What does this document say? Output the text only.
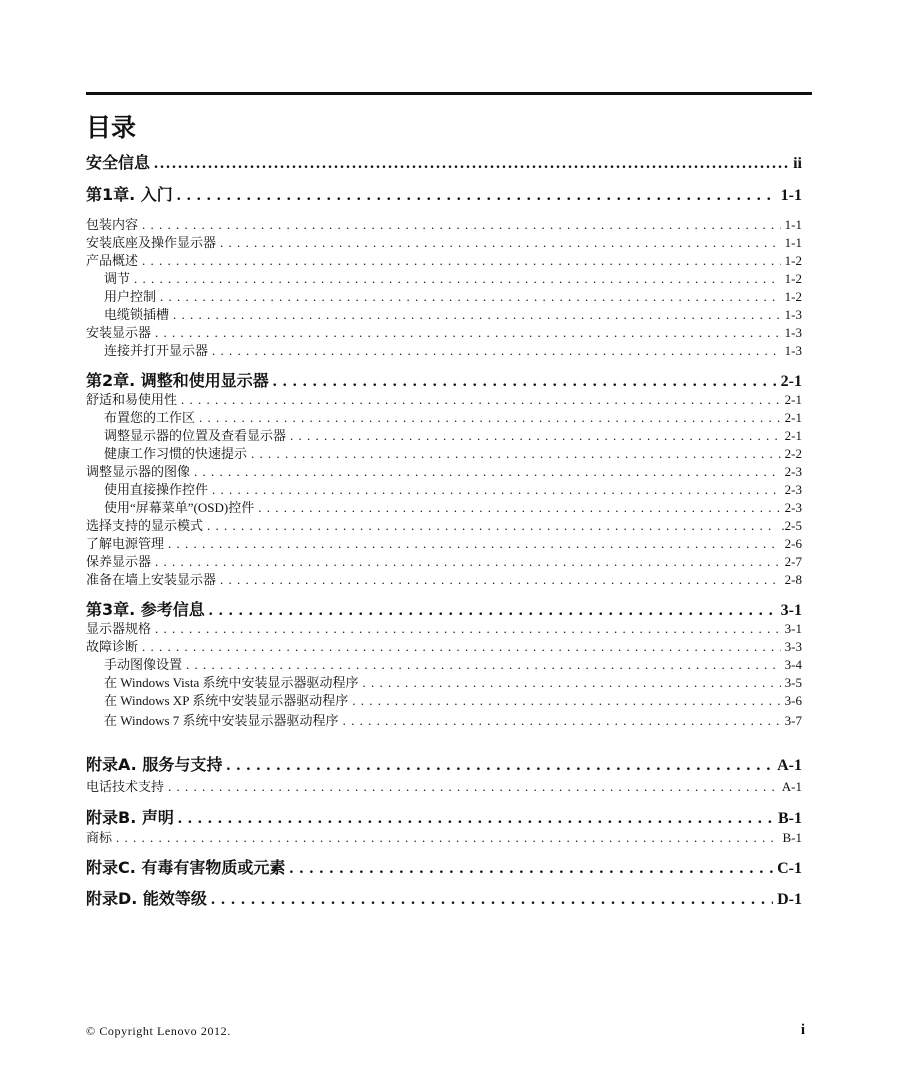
目录
安全信息 . . .	ii
第1章. 入门 . . .	1-1
包装内容 . . .	1-1
安装底座及操作显示器 . . .	1-1
产品概述 . . .	1-2
调节 . . .	1-2
用户控制 . . .	1-2
电缆锁插槽 . . .	1-3
安装显示器 . . .	1-3
连接并打开显示器 . . .	1-3
第2章. 调整和使用显示器 . . .	2-1
舒适和易使用性 . . .	2-1
布置您的工作区 . . .	2-1
调整显示器的位置及查看显示器 . . .	2-1
健康工作习惯的快速提示 . . .	2-2
调整显示器的图像 . . .	2-3
使用直接操作控件 . . .	2-3
使用“屏幕菜单”(OSD)控件 . . .	2-3
选择支持的显示模式 . . .	.2-5
了解电源管理 . . .	2-6
保养显示器 . . .	2-7
准备在墙上安装显示器 . . .	2-8
第3章. 参考信息 . . .	3-1
显示器规格 . . .	3-1
故障诊断 . . .	3-3
手动图像设置 . . .	3-4
在 Windows Vista 系统中安装显示器驱动程序 . . .	3-5
在 Windows XP 系统中安装显示器驱动程序 . . .	3-6
在 Windows 7 系统中安装显示器驱动程序 . . .	3-7
附录A. 服务与支持 . . .	A-1
电话技术支持 . . .	A-1
附录B. 声明 . . .	B-1
商标 . . .	B-1
附录C. 有毒有害物质或元素 . . .	C-1
附录D. 能效等级 . . .	D-1
© Copyright Lenovo 2012.	i
